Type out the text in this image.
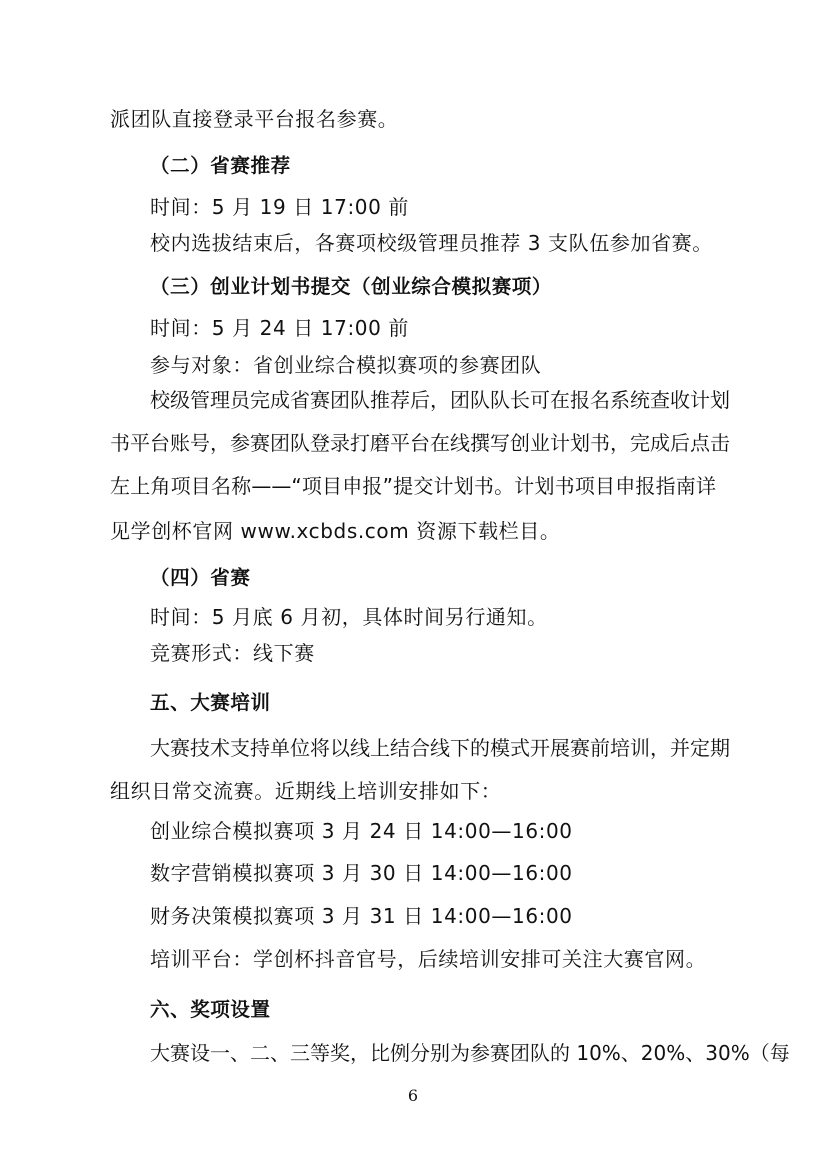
派团队直接登录平台报名参赛。
（二）省赛推荐
时间：5 月 19 日 17:00 前
校内选拔结束后，各赛项校级管理员推荐 3 支队伍参加省赛。
（三）创业计划书提交（创业综合模拟赛项）
时间：5 月 24 日 17:00 前
参与对象：省创业综合模拟赛项的参赛团队
校级管理员完成省赛团队推荐后，团队队长可在报名系统查收计划
书平台账号，参赛团队登录打磨平台在线撰写创业计划书，完成后点击
左上角项目名称——“项目申报”提交计划书。计划书项目申报指南详
见学创杯官网 www.xcbds.com 资源下载栏目。
（四）省赛
时间：5 月底 6 月初，具体时间另行通知。
竞赛形式：线下赛
五、大赛培训
大赛技术支持单位将以线上结合线下的模式开展赛前培训，并定期
组织日常交流赛。近期线上培训安排如下：
创业综合模拟赛项 3 月 24 日 14:00—16:00
数字营销模拟赛项 3 月 30 日 14:00—16:00
财务决策模拟赛项 3 月 31 日 14:00—16:00
培训平台：学创杯抖音官号，后续培训安排可关注大赛官网。
六、奖项设置
大赛设一、二、三等奖，比例分别为参赛团队的 10%、20%、30%（每
6
